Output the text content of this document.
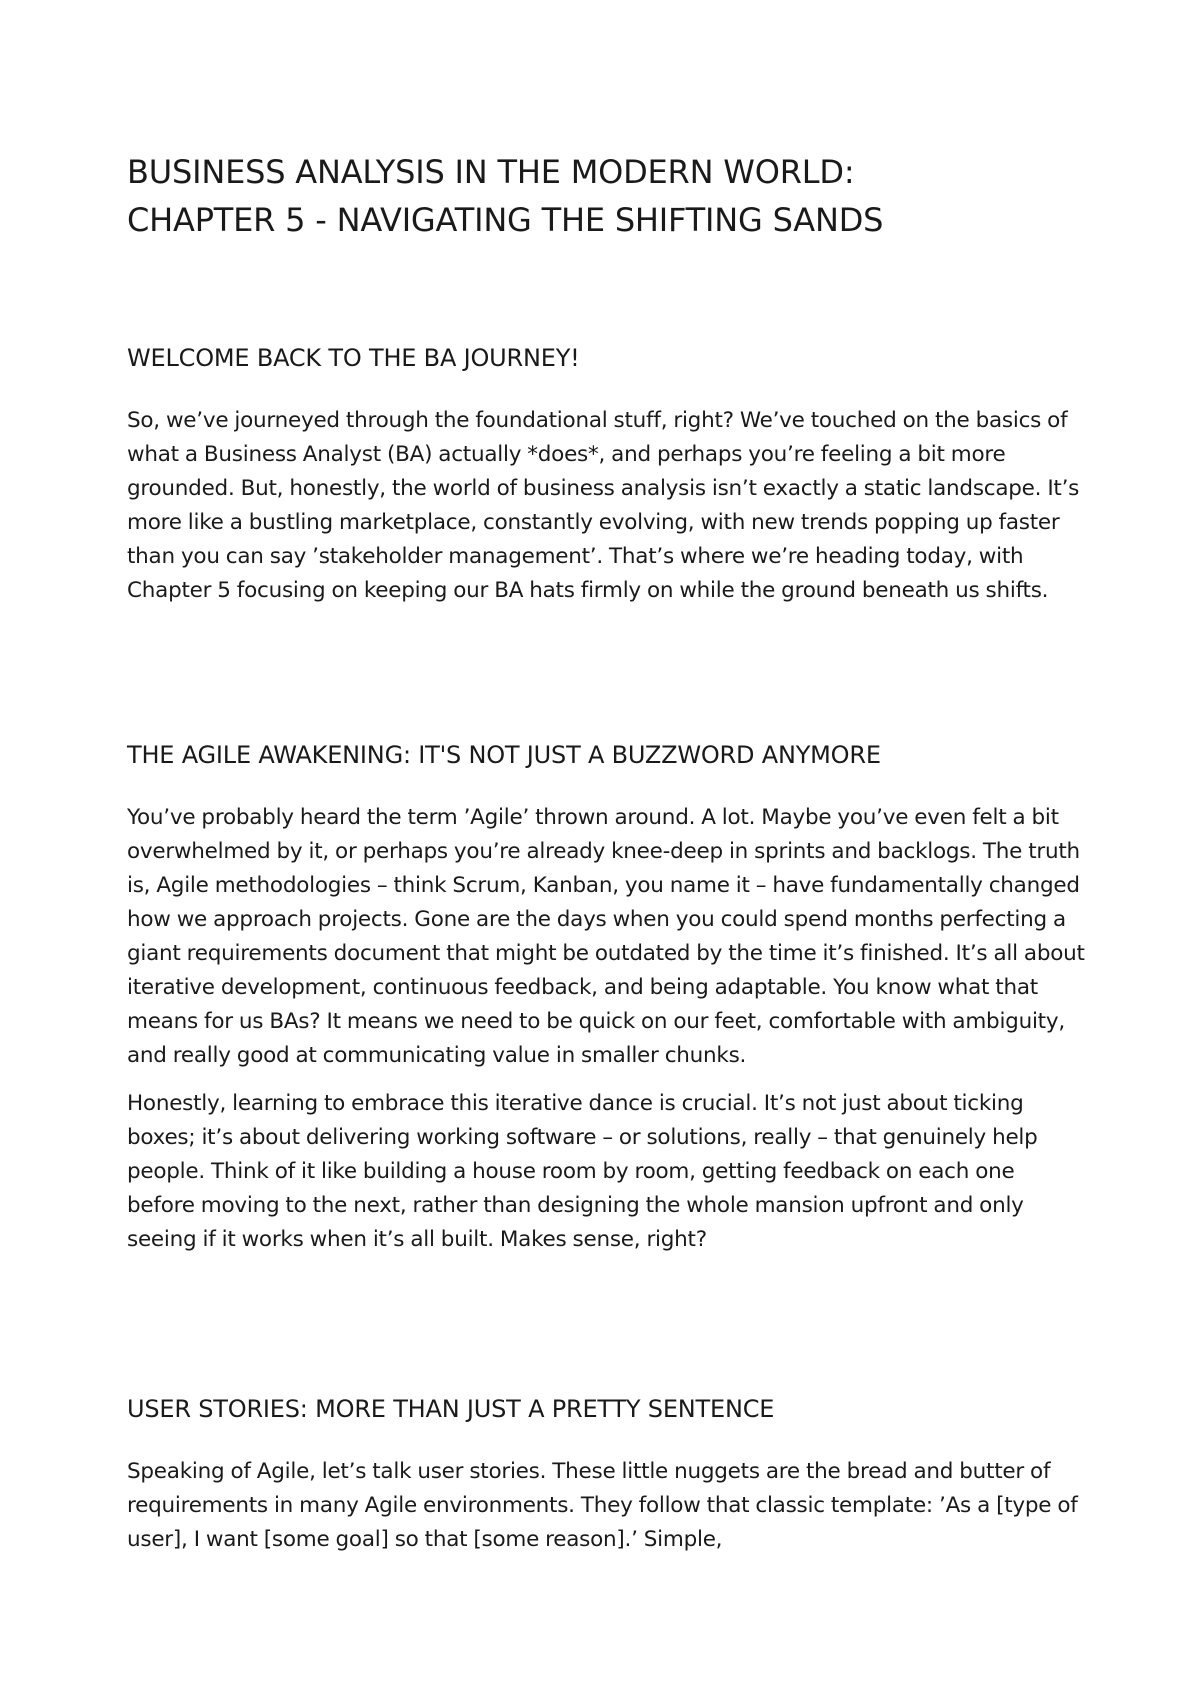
BUSINESS ANALYSIS IN THE MODERN WORLD:
CHAPTER 5 - NAVIGATING THE SHIFTING SANDS
WELCOME BACK TO THE BA JOURNEY!

So, we’ve journeyed through the foundational stuff, right? We’ve touched on the basics of what a Business Analyst (BA) actually *does*, and perhaps you’re feeling a bit more grounded. But, honestly, the world of business analysis isn’t exactly a static landscape. It’s more like a bustling marketplace, constantly evolving, with new trends popping up faster than you can say ’stakeholder management’. That’s where we’re heading today, with Chapter 5 focusing on keeping our BA hats firmly on while the ground beneath us shifts.

THE AGILE AWAKENING: IT'S NOT JUST A BUZZWORD ANYMORE

You’ve probably heard the term ’Agile’ thrown around. A lot. Maybe you’ve even felt a bit overwhelmed by it, or perhaps you’re already knee-deep in sprints and backlogs. The truth is, Agile methodologies – think Scrum, Kanban, you name it – have fundamentally changed how we approach projects. Gone are the days when you could spend months perfecting a giant requirements document that might be outdated by the time it’s finished. It’s all about iterative development, continuous feedback, and being adaptable. You know what that means for us BAs? It means we need to be quick on our feet, comfortable with ambiguity, and really good at communicating value in smaller chunks.

Honestly, learning to embrace this iterative dance is crucial. It’s not just about ticking boxes; it’s about delivering working software – or solutions, really – that genuinely help people. Think of it like building a house room by room, getting feedback on each one before moving to the next, rather than designing the whole mansion upfront and only seeing if it works when it’s all built. Makes sense, right?

USER STORIES: MORE THAN JUST A PRETTY SENTENCE

Speaking of Agile, let’s talk user stories. These little nuggets are the bread and butter of requirements in many Agile environments. They follow that classic template: ’As a [type of user], I want [some goal] so that [some reason].’ Simple,
